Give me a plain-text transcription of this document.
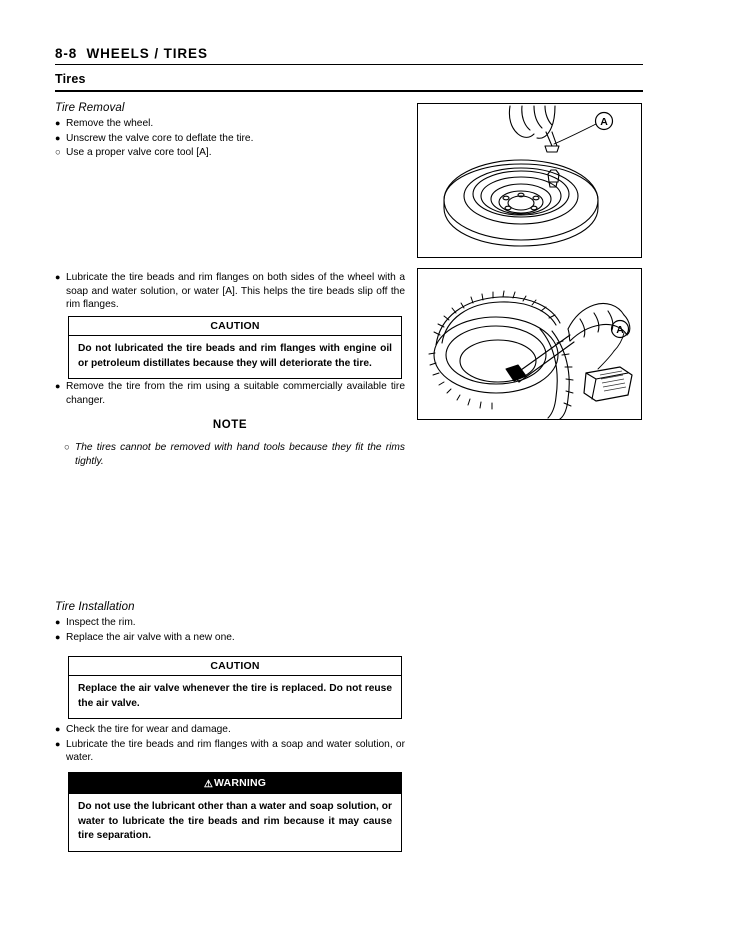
8-8  WHEELS / TIRES
Tires
Tire Removal
● Remove the wheel.
● Unscrew the valve core to deflate the tire.
○ Use a proper valve core tool [A].
● Lubricate the tire beads and rim flanges on both sides of the wheel with a soap and water solution, or water [A]. This helps the tire beads slip off the rim flanges.
CAUTION
Do not lubricated the tire beads and rim flanges with engine oil or petroleum distillates because they will deteriorate the tire.
● Remove the tire from the rim using a suitable commercially available tire changer.
NOTE
○ The tires cannot be removed with hand tools because they fit the rims tightly.
Tire Installation
● Inspect the rim.
● Replace the air valve with a new one.
CAUTION
Replace the air valve whenever the tire is replaced. Do not reuse the air valve.
● Check the tire for wear and damage.
● Lubricate the tire beads and rim flanges with a soap and water solution, or water.
⚠WARNING
Do not use the lubricant other than a water and soap solution, or water to lubricate the tire beads and rim because it may cause tire separation.
A
A
